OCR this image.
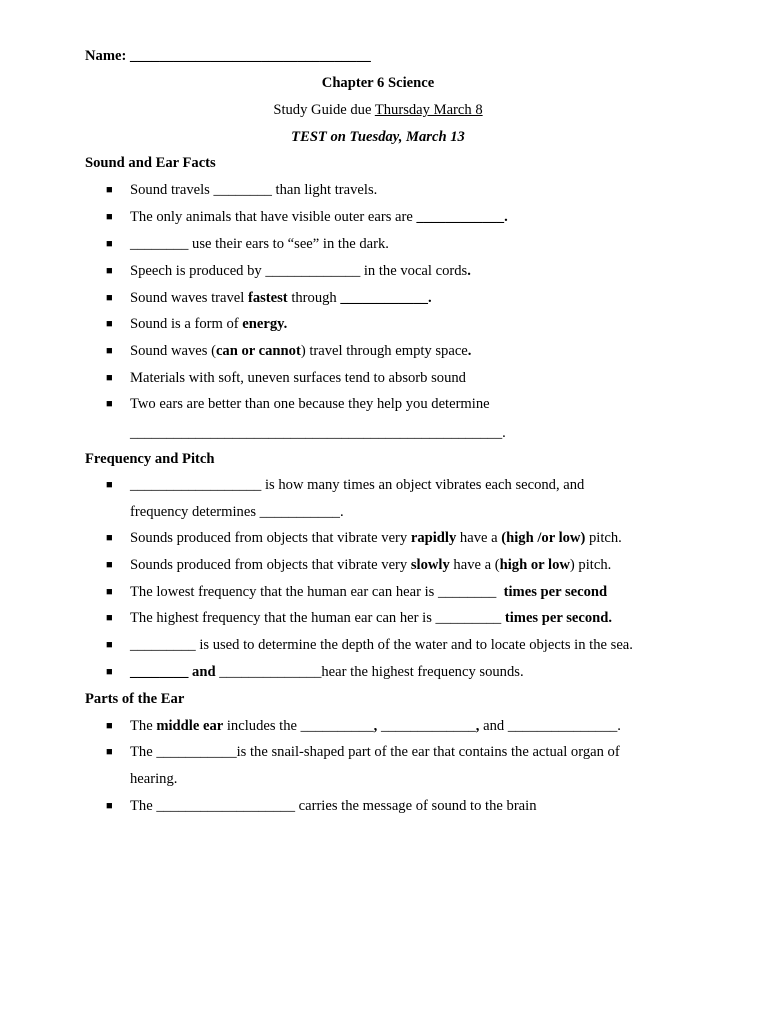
Name: _________________________________
Chapter 6 Science
Study Guide due Thursday March 8
TEST on Tuesday, March 13
Sound and Ear Facts
■ Sound travels ________ than light travels.
■ The only animals that have visible outer ears are ____________.
■ ________ use their ears to “see” in the dark.
■ Speech is produced by _____________ in the vocal cords.
■ Sound waves travel fastest through ____________.
■ Sound is a form of energy.
■ Sound waves (can or cannot) travel through empty space.
■ Materials with soft, uneven surfaces tend to absorb sound
■ Two ears are better than one because they help you determine
___________________________________________________.
Frequency and Pitch
■ __________________ is how many times an object vibrates each second, and
frequency determines ___________.
■ Sounds produced from objects that vibrate very rapidly have a (high /or low) pitch.
■ Sounds produced from objects that vibrate very slowly have a (high or low) pitch.
■ The lowest frequency that the human ear can hear is ________ times per second
■ The highest frequency that the human ear can her is _________ times per second.
■ _________ is used to determine the depth of the water and to locate objects in the sea.
■ ________ and ______________hear the highest frequency sounds.
Parts of the Ear
■ The middle ear includes the __________, _____________, and _______________.
■ The ___________is the snail-shaped part of the ear that contains the actual organ of
hearing.
■ The ___________________ carries the message of sound to the brain
